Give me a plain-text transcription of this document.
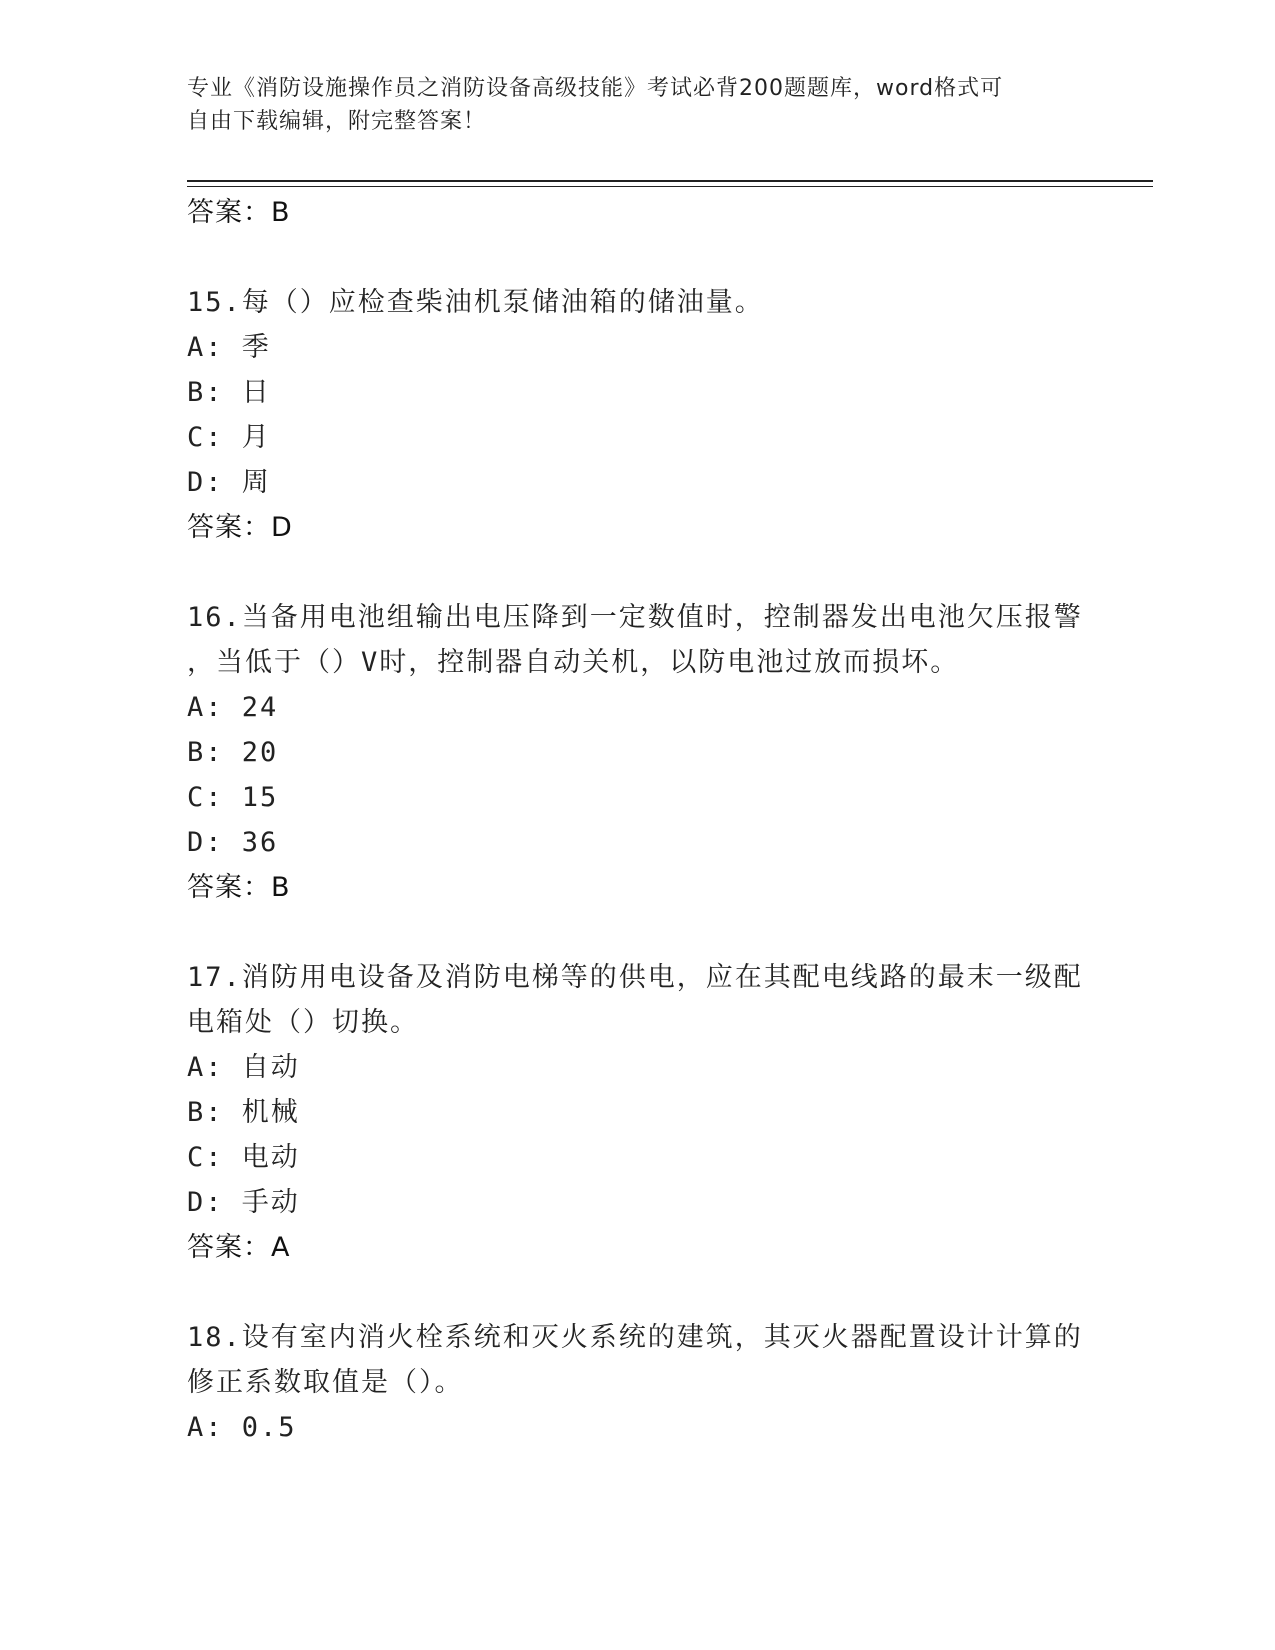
专业《消防设施操作员之消防设备高级技能》考试必背200题题库，word格式可
自由下载编辑，附完整答案！
答案：B
15.每（）应检查柴油机泵储油箱的储油量。
A: 季
B: 日
C: 月
D: 周
答案：D
16.当备用电池组输出电压降到一定数值时，控制器发出电池欠压报警
，当低于（）V时，控制器自动关机，以防电池过放而损坏。
A: 24
B: 20
C: 15
D: 36
答案：B
17.消防用电设备及消防电梯等的供电，应在其配电线路的最末一级配
电箱处（）切换。
A: 自动
B: 机械
C: 电动
D: 手动
答案：A
18.设有室内消火栓系统和灭火系统的建筑，其灭火器配置设计计算的
修正系数取值是（）。
A: 0.5
